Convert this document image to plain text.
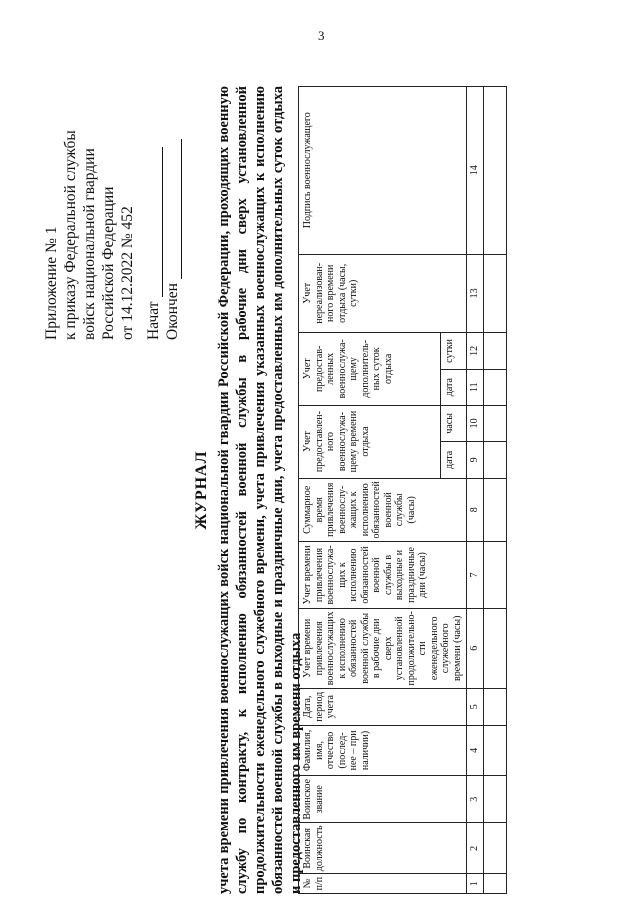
3
Приложение № 1 к приказу Федеральной службы войск национальной гвардии Российской Федерации от 14.12.2022 № 452 Начат Окончен
ЖУРНАЛ учета времени привлечения военнослужащих войск национальной гвардии Российской Федерации, проходящих военную службу по контракту, к исполнению обязанностей военной службы в рабочие дни сверх установленной продолжительности еженедельного служебного времени, учета привлечения указанных военнослужащих к исполнению обязанностей военной службы в выходные и праздничные дни, учета предоставленных им дополнительных суток отдыха и предоставленного им времени отдыха
№ п/п	Воинская должность	Воинское звание	Фамилия, имя, отчество (послед-нее – при наличии)	Дата, период учета	Учет времени привлечения военнослужащих к исполнению обязанностей военной службы в рабочие дни сверх установленной продолжительно-сти еженедельного служебного времени (часы)	Учет времени привлечения военнослужа-щих к исполнению обязанностей военной службы в выходные и праздничные дни (часы)	Суммарное время привлечения военнослу-жащих к исполнению обязанностей военной службы (часы)	Учет предоставлен-ного военнослужа-щему времени отдыха		Учет предостав-ленных военнослужа-щему дополнитель-ных суток отдыха		Учет нереализован-ного времени отдыха (часы, сутки)	Подпись военнослужащего
								дата	часы	дата	сутки		
1	2	3	4	5	6	7	8	9	10	11	12	13	14
